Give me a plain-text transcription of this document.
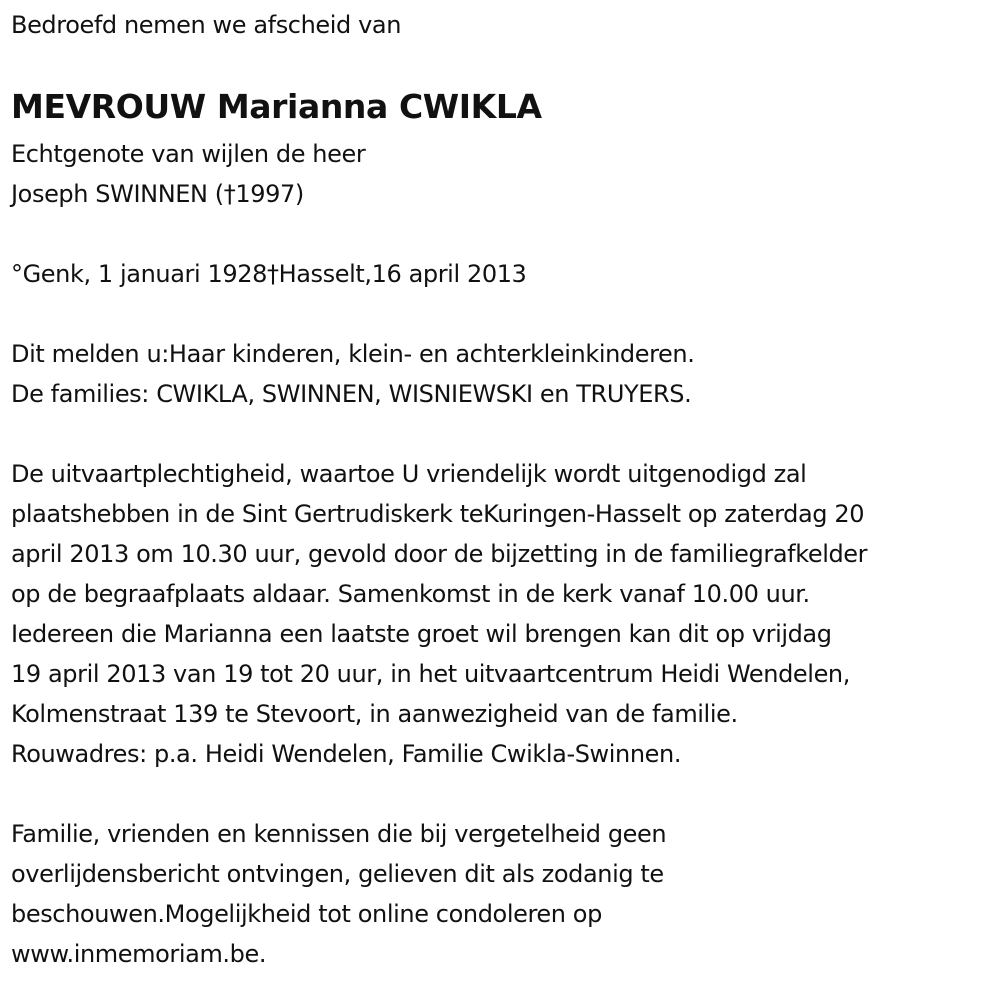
Bedroefd nemen we afscheid van
MEVROUW Marianna CWIKLA
Echtgenote van wijlen de heer
Joseph SWINNEN (†1997)
°Genk, 1 januari 1928†Hasselt,16 april 2013
Dit melden u:Haar kinderen, klein- en achterkleinkinderen.
De families: CWIKLA, SWINNEN, WISNIEWSKI en TRUYERS.
De uitvaartplechtigheid, waartoe U vriendelijk wordt uitgenodigd zal
plaatshebben in de Sint Gertrudiskerk teKuringen-Hasselt op zaterdag 20
april 2013 om 10.30 uur, gevold door de bijzetting in de familiegrafkelder
op de begraafplaats aldaar. Samenkomst in de kerk vanaf 10.00 uur.
Iedereen die Marianna een laatste groet wil brengen kan dit op vrijdag
19 april 2013 van 19 tot 20 uur, in het uitvaartcentrum Heidi Wendelen,
Kolmenstraat 139 te Stevoort, in aanwezigheid van de familie.
Rouwadres: p.a. Heidi Wendelen, Familie Cwikla-Swinnen.
Familie, vrienden en kennissen die bij vergetelheid geen
overlijdensbericht ontvingen, gelieven dit als zodanig te
beschouwen.Mogelijkheid tot online condoleren op
www.inmemoriam.be.
